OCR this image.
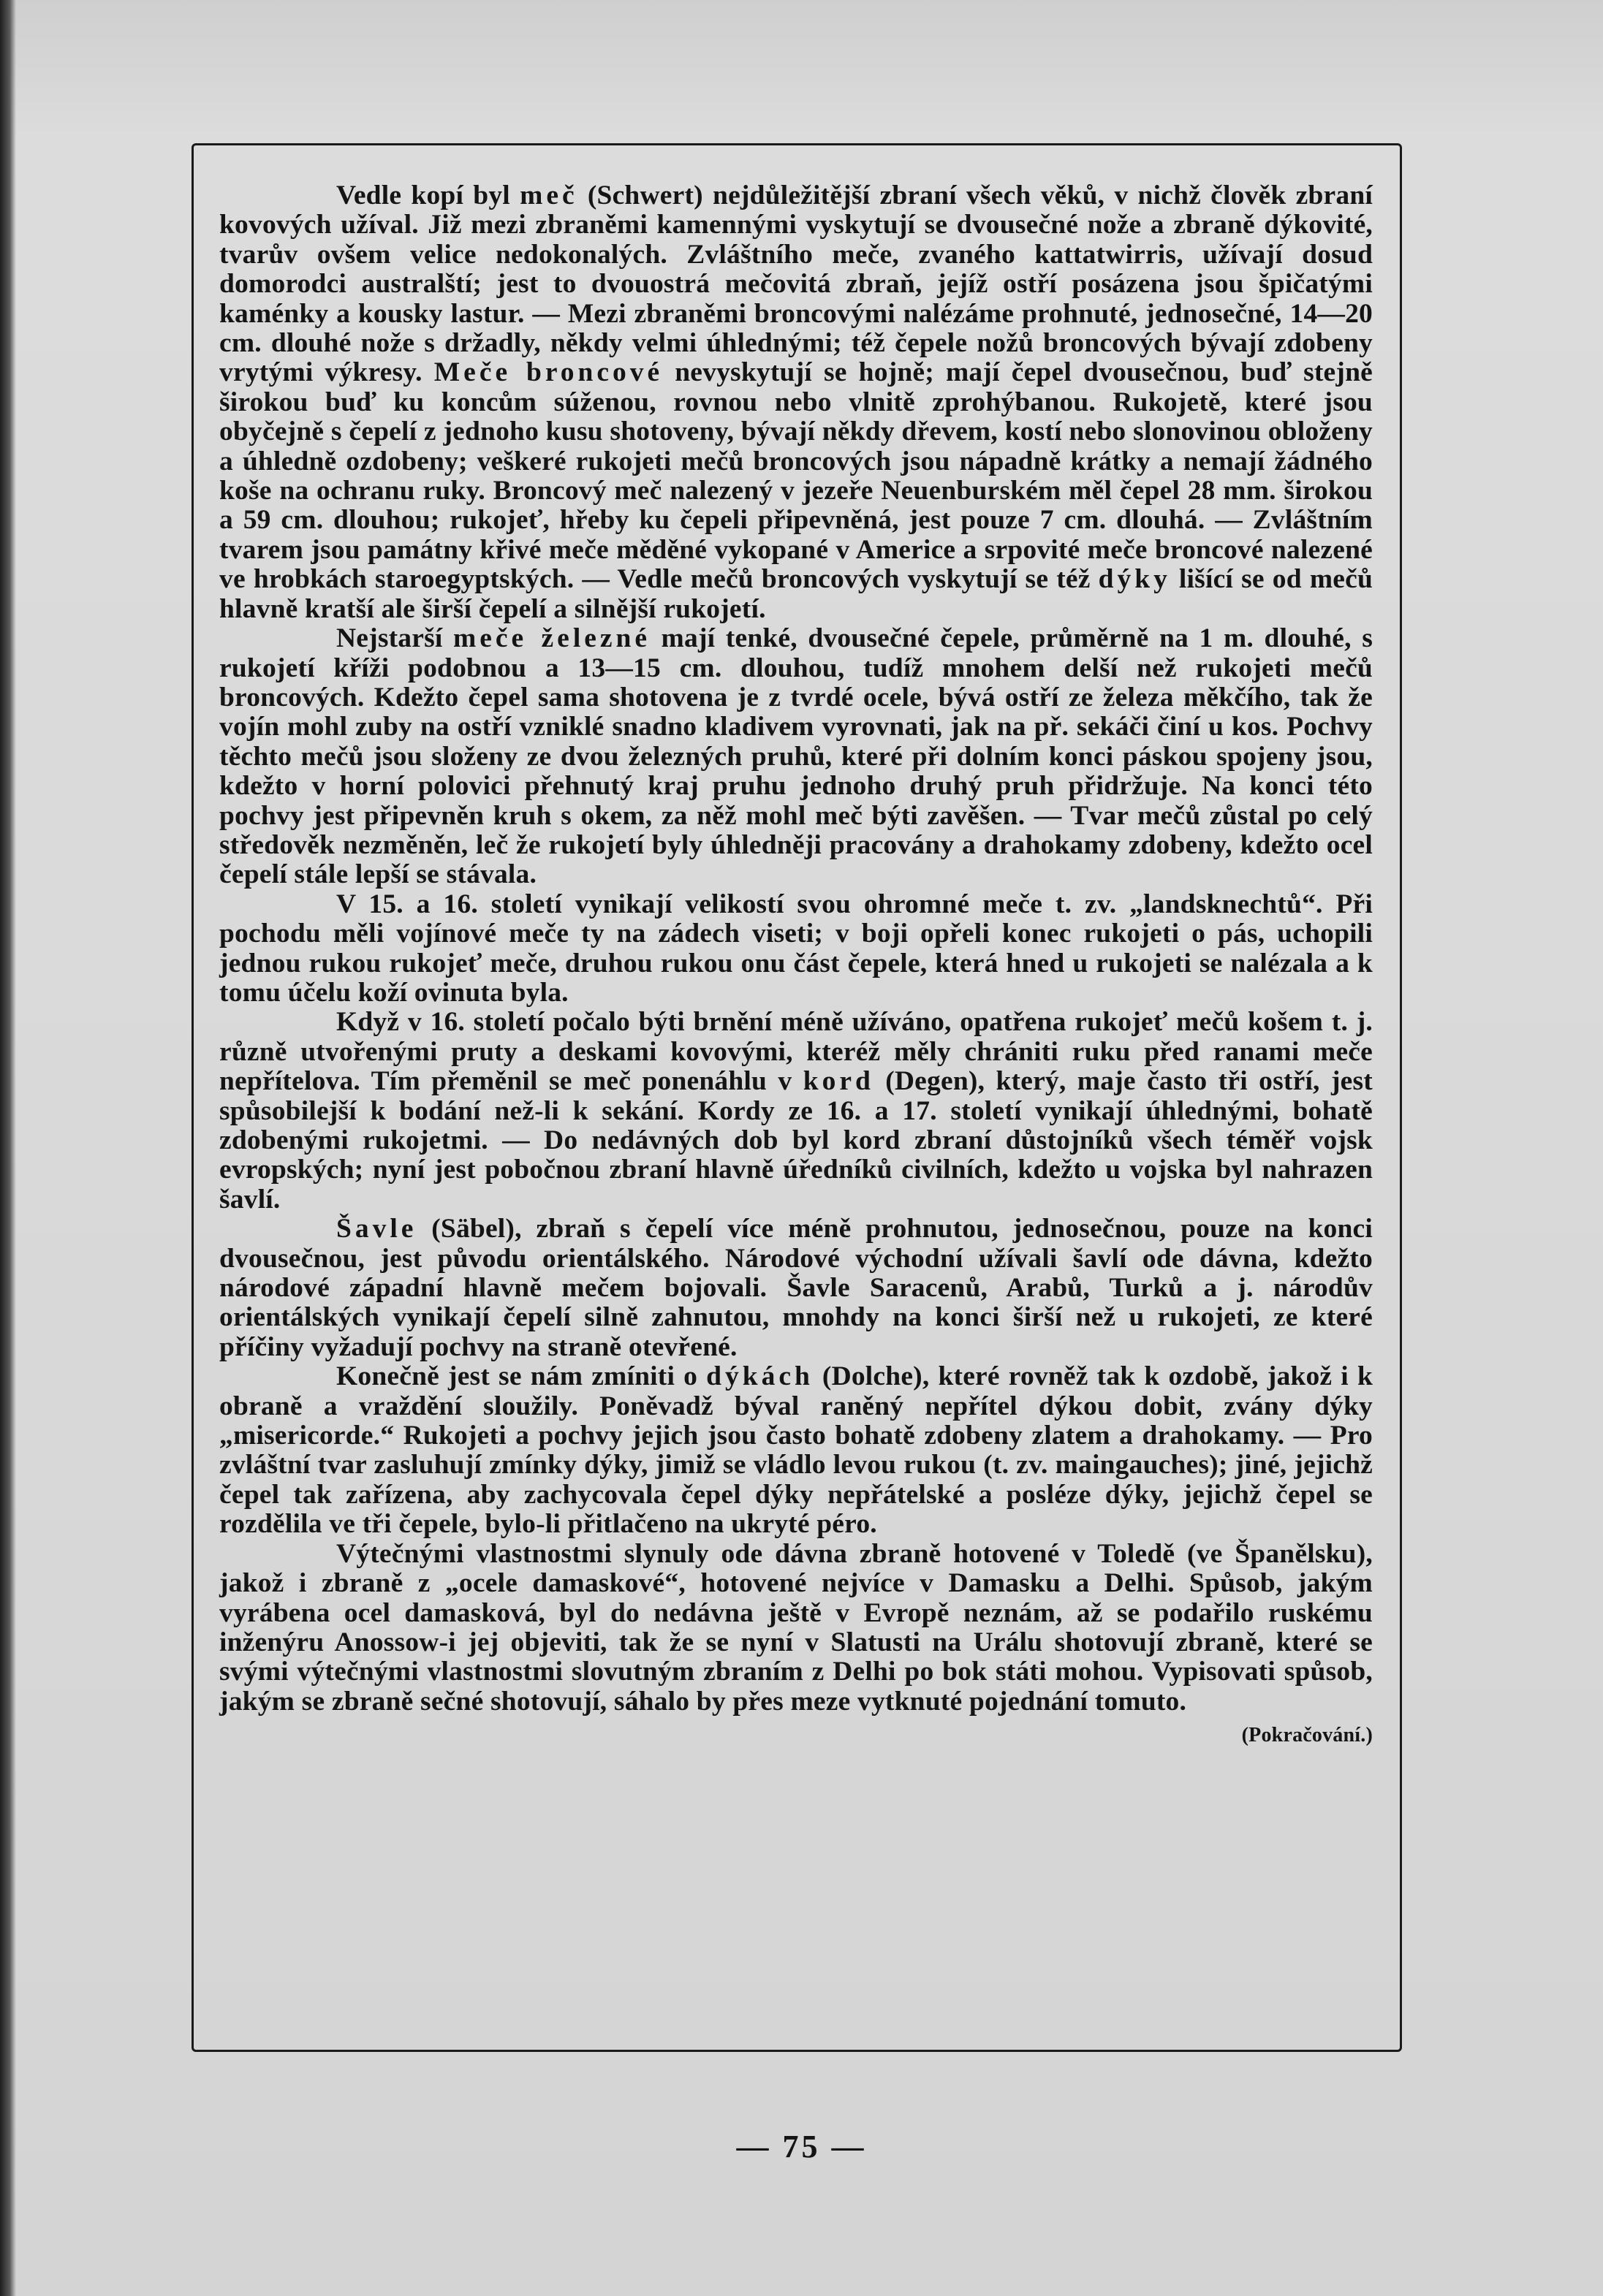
Vedle kopí byl meč (Schwert) nejdůležitější zbraní všech věků, v nichž člověk zbraní kovových užíval. Již mezi zbraněmi kamennými vyskytují se dvousečné nože a zbraně dýkovité, tvarův ovšem velice nedokonalých. Zvláštního meče, zvaného kattatwirris, užívají dosud domorodci australští; jest to dvouostrá mečovitá zbraň, jejíž ostří posázena jsou špičatými kaménky a kousky lastur. — Mezi zbraněmi broncovými nalézáme prohnuté, jednosečné, 14—20 cm. dlouhé nože s držadly, někdy velmi úhlednými; též čepele nožů broncových bývají zdobeny vrytými výkresy. Meče broncové nevyskytují se hojně; mají čepel dvousečnou, buď stejně širokou buď ku koncům súženou, rovnou nebo vlnitě zprohýbanou. Rukojetě, které jsou obyčejně s čepelí z jednoho kusu shotoveny, bývají někdy dřevem, kostí nebo slonovinou obloženy a úhledně ozdobeny; veškeré rukojeti mečů broncových jsou nápadně krátky a nemají žádného koše na ochranu ruky. Broncový meč nalezený v jezeře Neuenburském měl čepel 28 mm. širokou a 59 cm. dlouhou; rukojeť, hřeby ku čepeli připevněná, jest pouze 7 cm. dlouhá. — Zvláštním tvarem jsou památny křivé meče měděné vykopané v Americe a srpovité meče broncové nalezené ve hrobkách staroegyptských. — Vedle mečů broncových vyskytují se též dýky lišící se od mečů hlavně kratší ale širší čepelí a silnější rukojetí.

Nejstarší meče železné mají tenké, dvousečné čepele, průměrně na 1 m. dlouhé, s rukojetí kříži podobnou a 13—15 cm. dlouhou, tudíž mnohem delší než rukojeti mečů broncových. Kdežto čepel sama shotovena je z tvrdé ocele, bývá ostří ze železa měkčího, tak že vojín mohl zuby na ostří vzniklé snadno kladivem vyrovnati, jak na př. sekáči činí u kos. Pochvy těchto mečů jsou složeny ze dvou železných pruhů, které při dolním konci páskou spojeny jsou, kdežto v horní polovici přehnutý kraj pruhu jednoho druhý pruh přidržuje. Na konci této pochvy jest připevněn kruh s okem, za něž mohl meč býti zavěšen. — Tvar mečů zůstal po celý středověk nezměněn, leč že rukojetí byly úhledněji pracovány a drahokamy zdobeny, kdežto ocel čepelí stále lepší se stávala.

V 15. a 16. století vynikají velikostí svou ohromné meče t. zv. „landsknechtů“. Při pochodu měli vojínové meče ty na zádech viseti; v boji opřeli konec rukojeti o pás, uchopili jednou rukou rukojeť meče, druhou rukou onu část čepele, která hned u rukojeti se nalézala a k tomu účelu koží ovinuta byla.

Když v 16. století počalo býti brnění méně užíváno, opatřena rukojeť mečů košem t. j. různě utvořenými pruty a deskami kovovými, kteréž měly chrániti ruku před ranami meče nepřítelova. Tím přeměnil se meč ponenáhlu v kord (Degen), který, maje často tři ostří, jest spůsobilejší k bodání než-li k sekání. Kordy ze 16. a 17. století vynikají úhlednými, bohatě zdobenými rukojetmi. — Do nedávných dob byl kord zbraní důstojníků všech téměř vojsk evropských; nyní jest pobočnou zbraní hlavně úředníků civilních, kdežto u vojska byl nahrazen šavlí.

Šavle (Säbel), zbraň s čepelí více méně prohnutou, jednosečnou, pouze na konci dvousečnou, jest původu orientálského. Národové východní užívali šavlí ode dávna, kdežto národové západní hlavně mečem bojovali. Šavle Saracenů, Arabů, Turků a j. národův orientálských vynikají čepelí silně zahnutou, mnohdy na konci širší než u rukojeti, ze které příčiny vyžadují pochvy na straně otevřené.

Konečně jest se nám zmíniti o dýkách (Dolche), které rovněž tak k ozdobě, jakož i k obraně a vraždění sloužily. Poněvadž býval raněný nepřítel dýkou dobit, zvány dýky „misericorde.“ Rukojeti a pochvy jejich jsou často bohatě zdobeny zlatem a drahokamy. — Pro zvláštní tvar zasluhují zmínky dýky, jimiž se vládlo levou rukou (t. zv. maingauches); jiné, jejichž čepel tak zařízena, aby zachycovala čepel dýky nepřátelské a posléze dýky, jejichž čepel se rozdělila ve tři čepele, bylo-li přitlačeno na ukryté péro.

Výtečnými vlastnostmi slynuly ode dávna zbraně hotovené v Toledě (ve Španělsku), jakož i zbraně z „ocele damaskové“, hotovené nejvíce v Damasku a Delhi. Spůsob, jakým vyrábena ocel damasková, byl do nedávna ještě v Evropě neznám, až se podařilo ruskému inženýru Anossow-i jej objeviti, tak že se nyní v Slatusti na Urálu shotovují zbraně, které se svými výtečnými vlastnostmi slovutným zbraním z Delhi po bok státi mohou. Vypisovati spůsob, jakým se zbraně sečné shotovují, sáhalo by přes meze vytknuté pojednání tomuto.
(Pokračování.)

— 75 —
